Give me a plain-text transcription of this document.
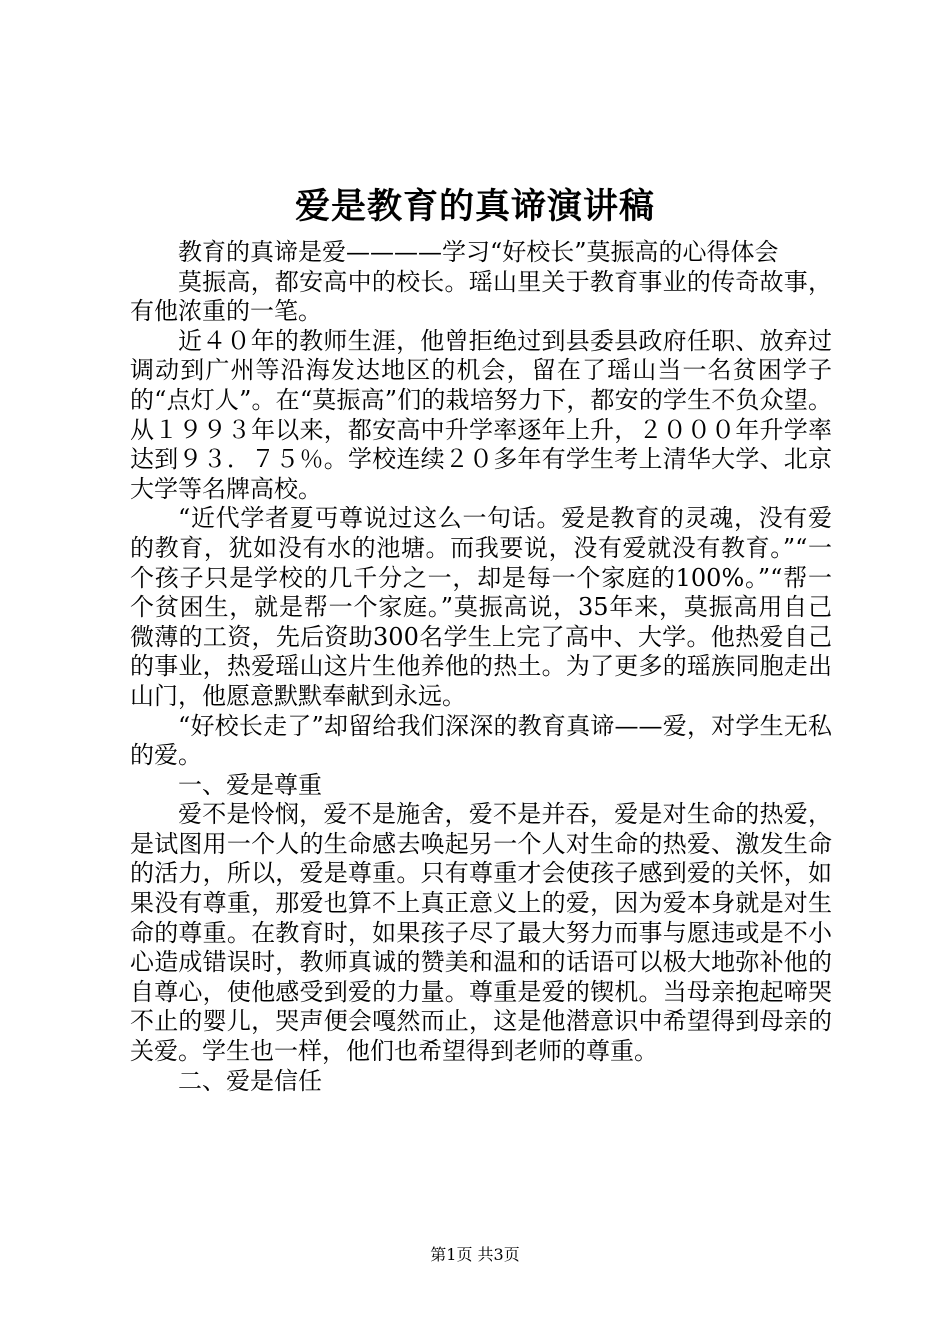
爱是教育的真谛演讲稿

教育的真谛是爱————学习“好校长”莫振高的心得体会

莫振高，都安高中的校长。瑶山里关于教育事业的传奇故事，有他浓重的一笔。

近４０年的教师生涯，他曾拒绝过到县委县政府任职、放弃过调动到广州等沿海发达地区的机会，留在了瑶山当一名贫困学子的“点灯人”。在“莫振高”们的栽培努力下，都安的学生不负众望。从１９９３年以来，都安高中升学率逐年上升，２０００年升学率达到９３．７５％。学校连续２０多年有学生考上清华大学、北京大学等名牌高校。

“近代学者夏丏尊说过这么一句话。爱是教育的灵魂，没有爱的教育，犹如没有水的池塘。而我要说，没有爱就没有教育。”“一个孩子只是学校的几千分之一，却是每一个家庭的100%。”“帮一个贫困生，就是帮一个家庭。”莫振高说，35年来，莫振高用自己微薄的工资，先后资助300名学生上完了高中、大学。他热爱自己的事业，热爱瑶山这片生他养他的热土。为了更多的瑶族同胞走出山门，他愿意默默奉献到永远。

“好校长走了”却留给我们深深的教育真谛——爱，对学生无私的爱。

一、爱是尊重

爱不是怜悯，爱不是施舍，爱不是并吞，爱是对生命的热爱，是试图用一个人的生命感去唤起另一个人对生命的热爱、激发生命的活力，所以，爱是尊重。只有尊重才会使孩子感到爱的关怀，如果没有尊重，那爱也算不上真正意义上的爱，因为爱本身就是对生命的尊重。在教育时，如果孩子尽了最大努力而事与愿违或是不小心造成错误时，教师真诚的赞美和温和的话语可以极大地弥补他的自尊心，使他感受到爱的力量。尊重是爱的锲机。当母亲抱起啼哭不止的婴儿，哭声便会嘎然而止，这是他潜意识中希望得到母亲的关爱。学生也一样，他们也希望得到老师的尊重。

二、爱是信任

第1页 共3页
